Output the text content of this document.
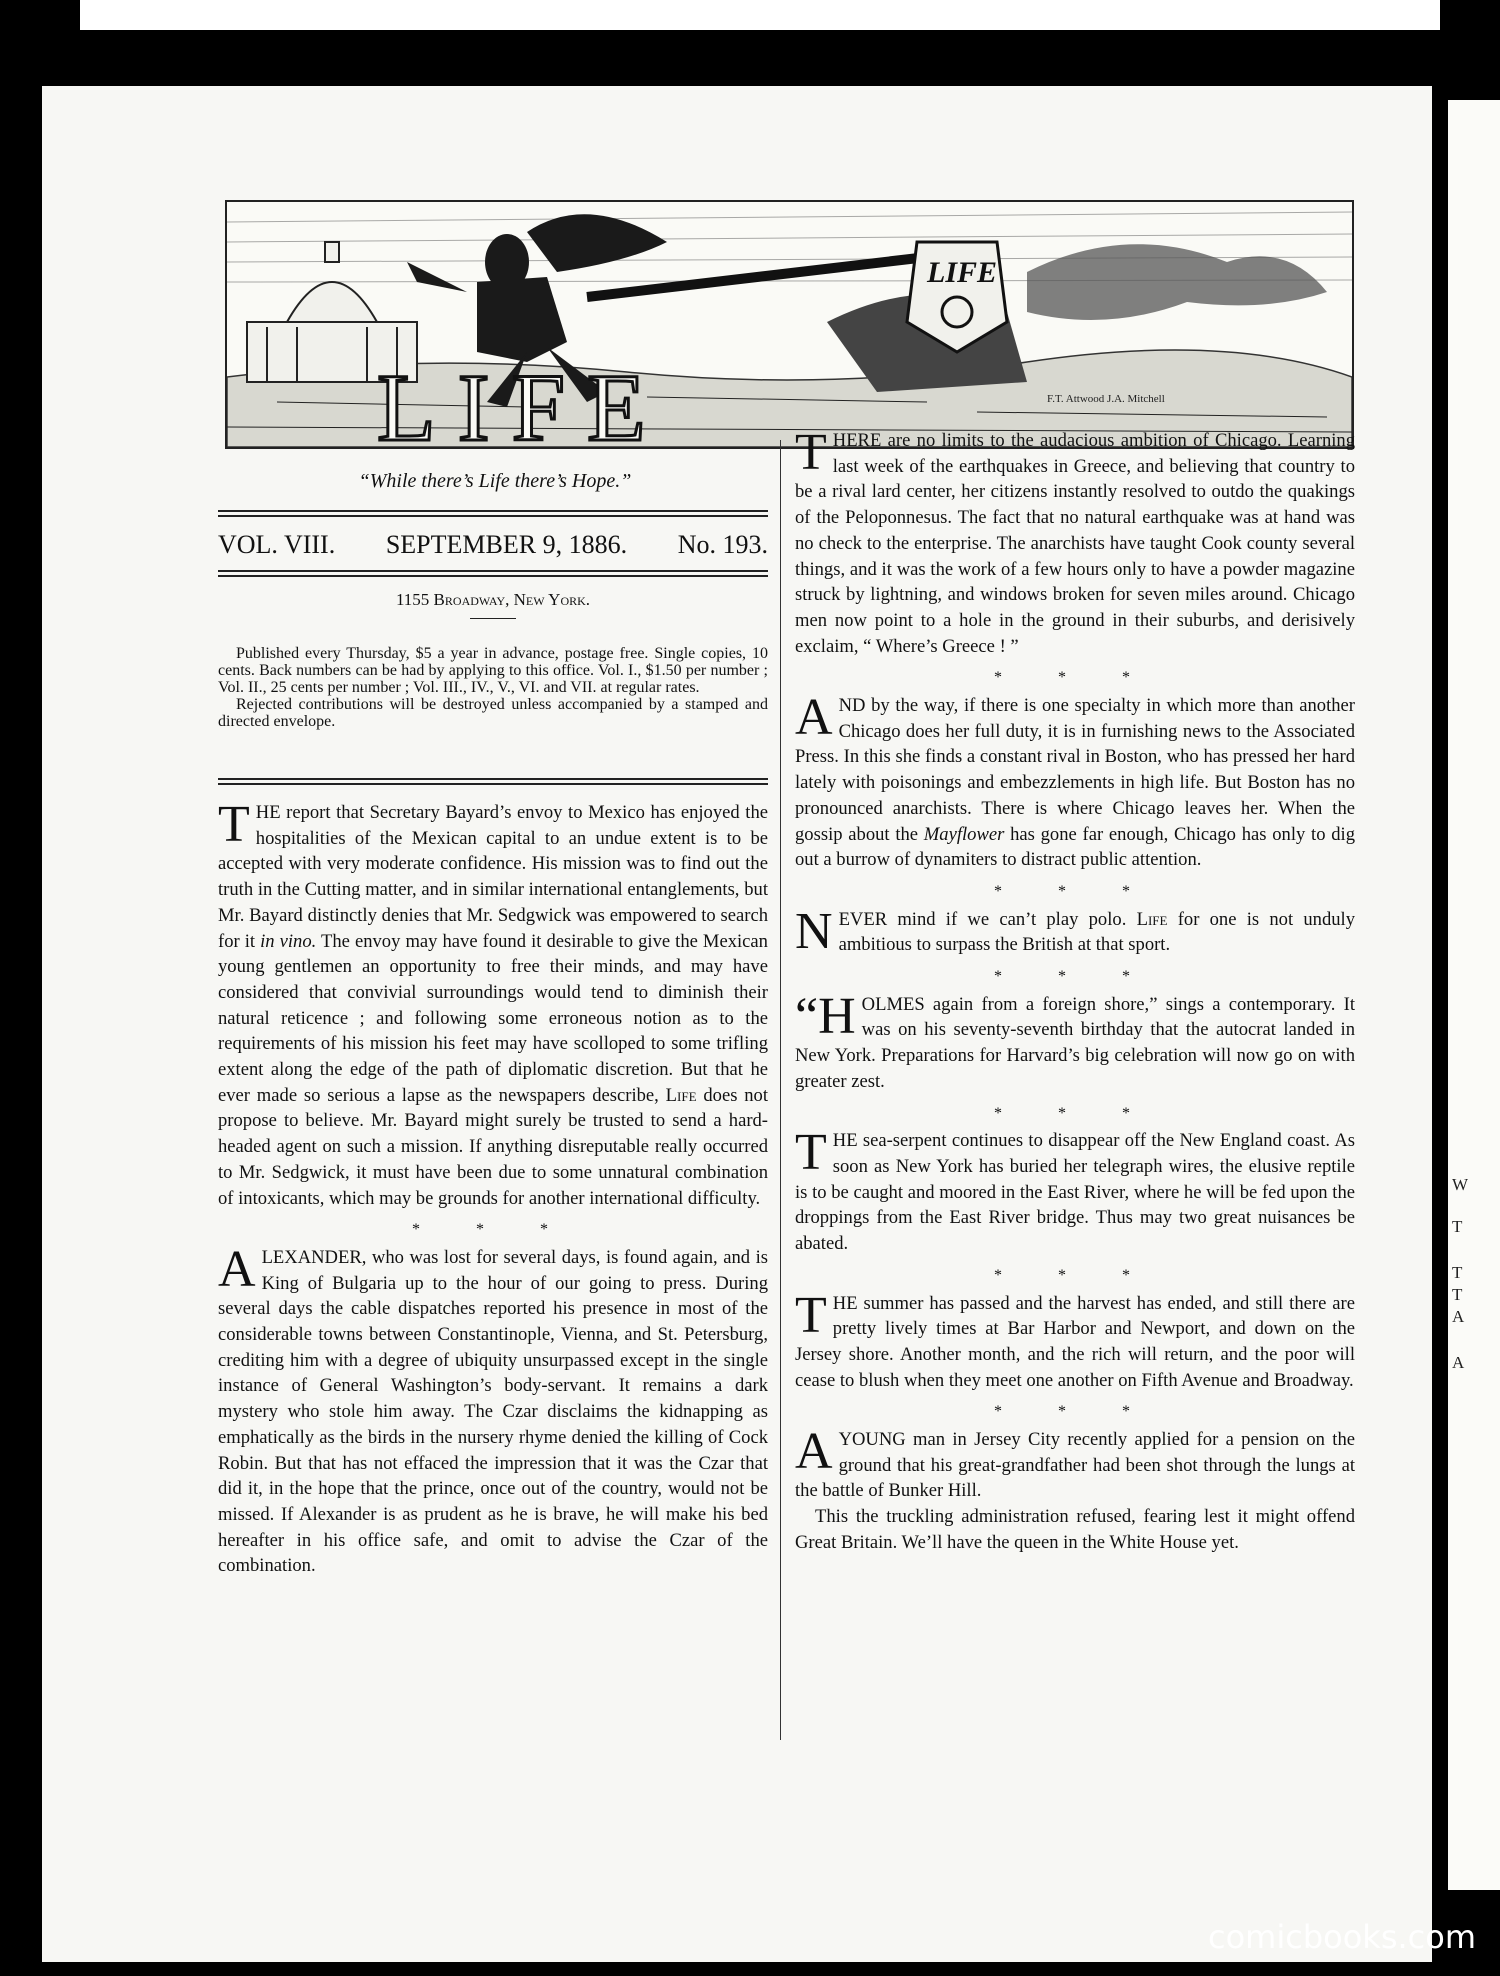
W
T
T
T
A
A
LIFE
LIFE	F.T. Attwood J.A. Mitchell
“While there’s Life there’s Hope.”
VOL. VIII. SEPTEMBER 9, 1886. No. 193.
1155 Broadway, New York.

Published every Thursday, $5 a year in advance, postage free. Single copies, 10 cents. Back numbers can be had by applying to this office. Vol. I., $1.50 per number ; Vol. II., 25 cents per number ; Vol. III., IV., V., VI. and VII. at regular rates.

Rejected contributions will be destroyed unless accompanied by a stamped and directed envelope.

T HE report that Secretary Bayard’s envoy to Mexico has enjoyed the hospitalities of the Mexican capital to an undue extent is to be accepted with very moderate confidence. His mission was to find out the truth in the Cutting matter, and in similar international entanglements, but Mr. Bayard distinctly denies that Mr. Sedgwick was empowered to search for it in vino. The envoy may have found it desirable to give the Mexican young gentlemen an opportunity to free their minds, and may have considered that convivial surroundings would tend to diminish their natural reticence ; and following some erroneous notion as to the requirements of his mission his feet may have scolloped to some trifling extent along the edge of the path of diplomatic discretion. But that he ever made so serious a lapse as the newspapers describe, Life does not propose to believe. Mr. Bayard might surely be trusted to send a hard-headed agent on such a mission. If anything disreputable really occurred to Mr. Sedgwick, it must have been due to some unnatural combination of intoxicants, which may be grounds for another international difficulty.

* * *

A LEXANDER, who was lost for several days, is found again, and is King of Bulgaria up to the hour of our going to press. During several days the cable dispatches reported his presence in most of the considerable towns between Constantinople, Vienna, and St. Petersburg, crediting him with a degree of ubiquity unsurpassed except in the single instance of General Washington’s body-servant. It remains a dark mystery who stole him away. The Czar disclaims the kidnapping as emphatically as the birds in the nursery rhyme denied the killing of Cock Robin. But that has not effaced the impression that it was the Czar that did it, in the hope that the prince, once out of the country, would not be missed. If Alexander is as prudent as he is brave, he will make his bed hereafter in his office safe, and omit to advise the Czar of the combination.

T HERE are no limits to the audacious ambition of Chicago. Learning last week of the earthquakes in Greece, and believing that country to be a rival lard center, her citizens instantly resolved to outdo the quakings of the Peloponnesus. The fact that no natural earthquake was at hand was no check to the enterprise. The anarchists have taught Cook county several things, and it was the work of a few hours only to have a powder magazine struck by lightning, and windows broken for seven miles around. Chicago men now point to a hole in the ground in their suburbs, and derisively exclaim, “ Where’s Greece ! ”

* * *

A ND by the way, if there is one specialty in which more than another Chicago does her full duty, it is in furnishing news to the Associated Press. In this she finds a constant rival in Boston, who has pressed her hard lately with poisonings and embezzlements in high life. But Boston has no pronounced anarchists. There is where Chicago leaves her. When the gossip about the Mayflower has gone far enough, Chicago has only to dig out a burrow of dynamiters to distract public attention.

* * *

N EVER mind if we can’t play polo. Life for one is not unduly ambitious to surpass the British at that sport.

* * *

“ H OLMES again from a foreign shore,” sings a contemporary. It was on his seventy-seventh birthday that the autocrat landed in New York. Preparations for Harvard’s big celebration will now go on with greater zest.

* * *

T HE sea-serpent continues to disappear off the New England coast. As soon as New York has buried her telegraph wires, the elusive reptile is to be caught and moored in the East River, where he will be fed upon the droppings from the East River bridge. Thus may two great nuisances be abated.

* * *

T HE summer has passed and the harvest has ended, and still there are pretty lively times at Bar Harbor and Newport, and down on the Jersey shore. Another month, and the rich will return, and the poor will cease to blush when they meet one another on Fifth Avenue and Broadway.

* * *

A YOUNG man in Jersey City recently applied for a pension on the ground that his great-grandfather had been shot through the lungs at the battle of Bunker Hill.

This the truckling administration refused, fearing lest it might offend Great Britain. We’ll have the queen in the White House yet.

comicbooks.com
